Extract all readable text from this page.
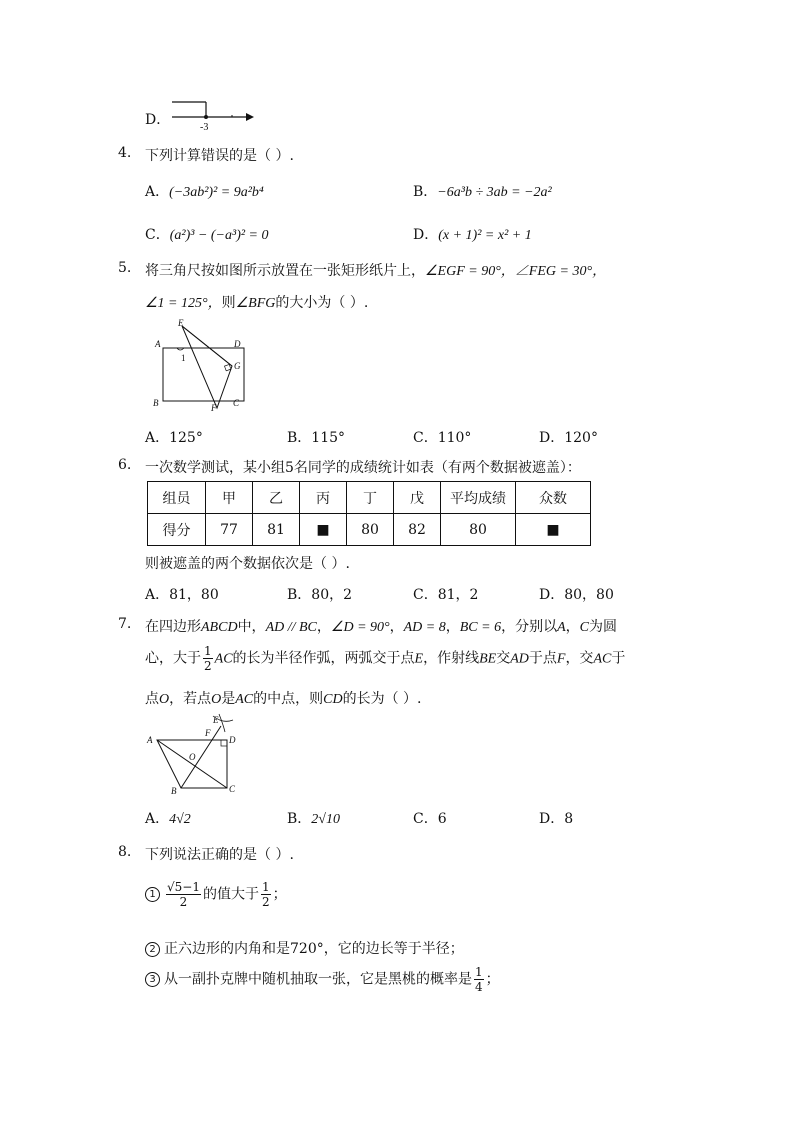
D．	-3
4. 下列计算错误的是（ ）.
A．(−3ab²)² = 9a²b⁴	B．−6a³b ÷ 3ab = −2a²
C．(a²)³ − (−a³)² = 0	D．(x + 1)² = x² + 1
5. 将三角尺按如图所示放置在一张矩形纸片上，∠EGF = 90°，∠FEG = 30°，
∠1 = 125°，则∠BFG的大小为（ ）.
E
A	D
G
B	C
F
1
A．125°	B．115°	C．110°	D．120°
6. 一次数学测试，某小组5名同学的成绩统计如表（有两个数据被遮盖）：
组员	甲	乙	丙	丁	戊	平均成绩	众数
得分	77	81	■	80	82	80	■
则被遮盖的两个数据依次是（ ）.
A．81，80	B．80，2	C．81，2	D．80，80
7. 在四边形ABCD中，AD // BC，∠D = 90°，AD = 8，BC = 6，分别以A，C为圆
心，大于 $\frac{1}{2}$ AC的长为半径作弧，两弧交于点E，作射线BE交AD于点F，交AC于
点O，若点O是AC的中点，则CD的长为（ ）.
A	D
E
F
O
B	C
A．4√2	B．2√10	C．6	D．8
8. 下列说法正确的是（ ）.
$1 \frac{√5-1}{2}$ 的值大于 $\frac{1}{2}$ ；
2 正六边形的内角和是720°，它的边长等于半径；
3 从一副扑克牌中随机抽取一张，它是黑桃的概率是 $\frac{1}{4}$ ；
